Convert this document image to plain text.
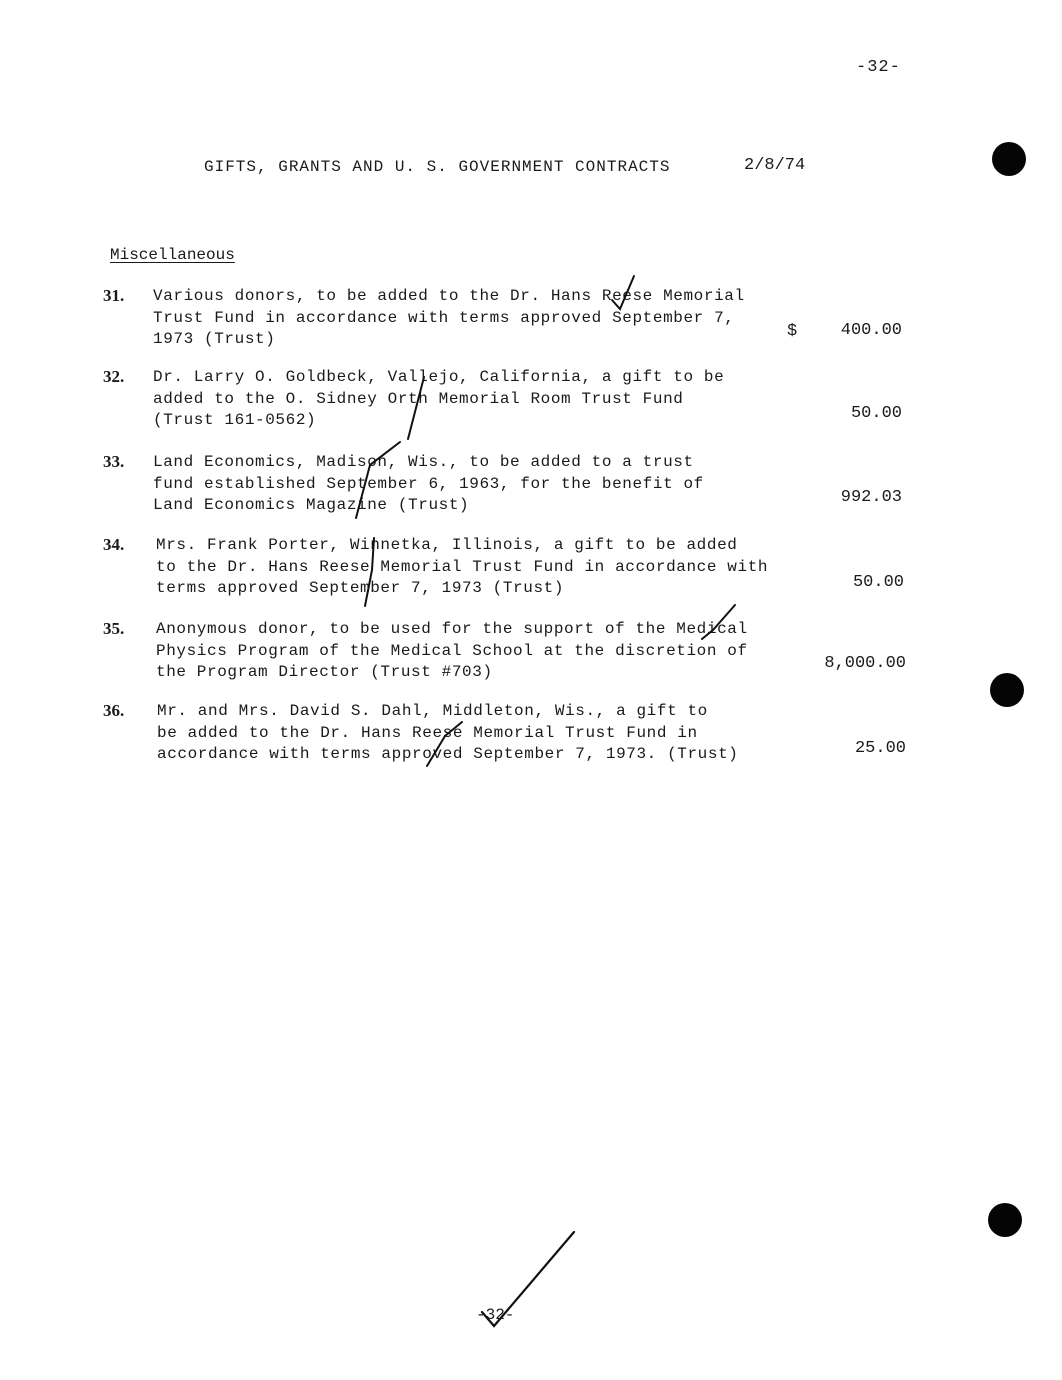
-32-
GIFTS, GRANTS AND U. S. GOVERNMENT CONTRACTS	2/8/74
Miscellaneous
$
31. Various donors, to be added to the Dr. Hans Reese Memorial
Trust Fund in accordance with terms approved September 7,
1973 (Trust)	400.00
32. Dr. Larry O. Goldbeck, Vallejo, California, a gift to be
added to the O. Sidney Orth Memorial Room Trust Fund
(Trust 161-0562)	50.00
33. Land Economics, Madison, Wis., to be added to a trust
fund established September 6, 1963, for the benefit of
Land Economics Magazine (Trust)	992.03
34. Mrs. Frank Porter, Winnetka, Illinois, a gift to be added
to the Dr. Hans Reese Memorial Trust Fund in accordance with
terms approved September 7, 1973 (Trust)	50.00
35. Anonymous donor, to be used for the support of the Medical
Physics Program of the Medical School at the discretion of
the Program Director (Trust #703)	8,000.00
36. Mr. and Mrs. David S. Dahl, Middleton, Wis., a gift to
be added to the Dr. Hans Reese Memorial Trust Fund in
accordance with terms approved September 7, 1973. (Trust)	25.00
-32-
